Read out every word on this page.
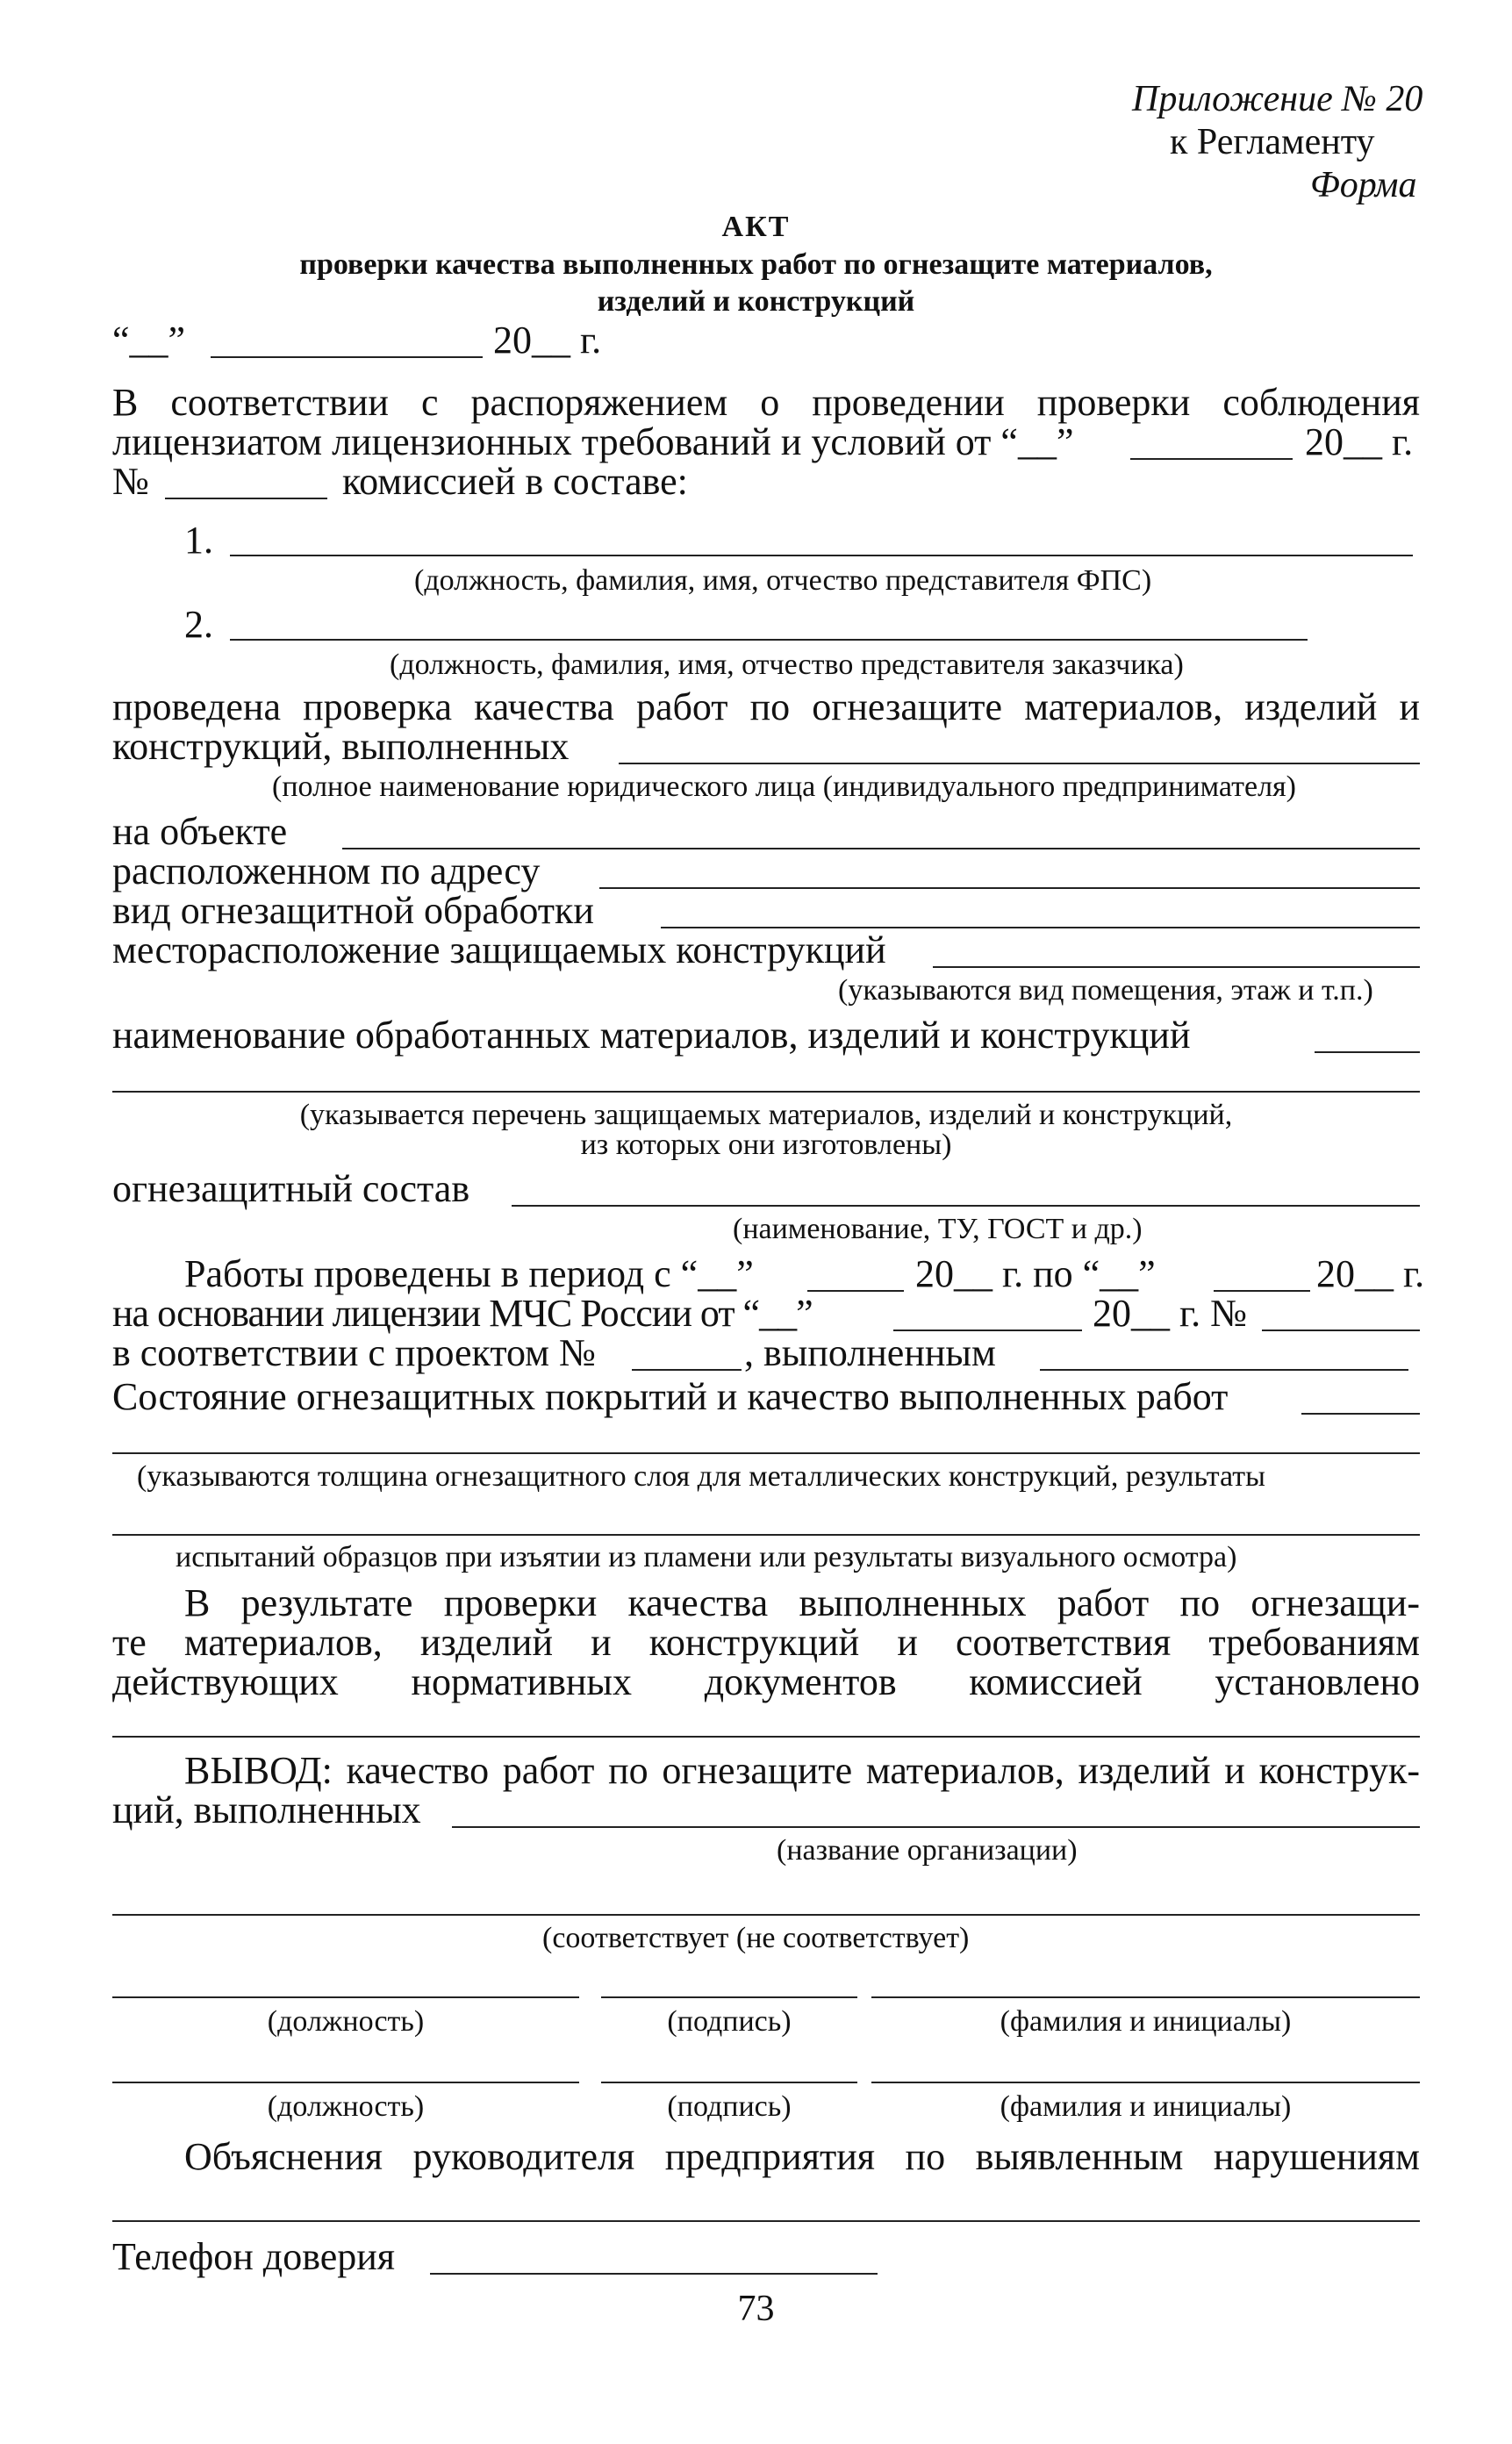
Приложение № 20
к Регламенту
Форма
АКТ
проверки качества выполненных работ по огнезащите материалов,
изделий и конструкций
“__”	20__ г.
В соответствии с распоряжением о проведении проверки соблюдения
лицензиатом лицензионных требований и условий от “__”	20__ г.
№	комиссией в составе:
1.
(должность, фамилия, имя, отчество представителя ФПС)
2.
(должность, фамилия, имя, отчество представителя заказчика)
проведена проверка качества работ по огнезащите материалов, изделий и
конструкций, выполненных
(полное наименование юридического лица (индивидуального предпринимателя)
на объекте
расположенном по адресу
вид огнезащитной обработки
месторасположение защищаемых конструкций
(указываются вид помещения, этаж и т.п.)
наименование обработанных материалов, изделий и конструкций
(указывается перечень защищаемых материалов, изделий и конструкций,
из которых они изготовлены)
огнезащитный состав
(наименование, ТУ, ГОСТ и др.)
Работы проведены в период с “__”	20__ г. по “__”	20__ г.
на основании лицензии МЧС России от “__”	20__ г. №
в соответствии с проектом №	, выполненным
Состояние огнезащитных покрытий и качество выполненных работ
(указываются толщина огнезащитного слоя для металлических конструкций, результаты
испытаний образцов при изъятии из пламени или результаты визуального осмотра)
В результате проверки качества выполненных работ по огнезащи-
те материалов, изделий и конструкций и соответствия требованиям
действующих нормативных документов комиссией установлено
ВЫВОД: качество работ по огнезащите материалов, изделий и конструк-
ций, выполненных
(название организации)
(соответствует (не соответствует)
(должность)	(подпись)	(фамилия и инициалы)
(должность)	(подпись)	(фамилия и инициалы)
Объяснения руководителя предприятия по выявленным нарушениям
Телефон доверия
73
